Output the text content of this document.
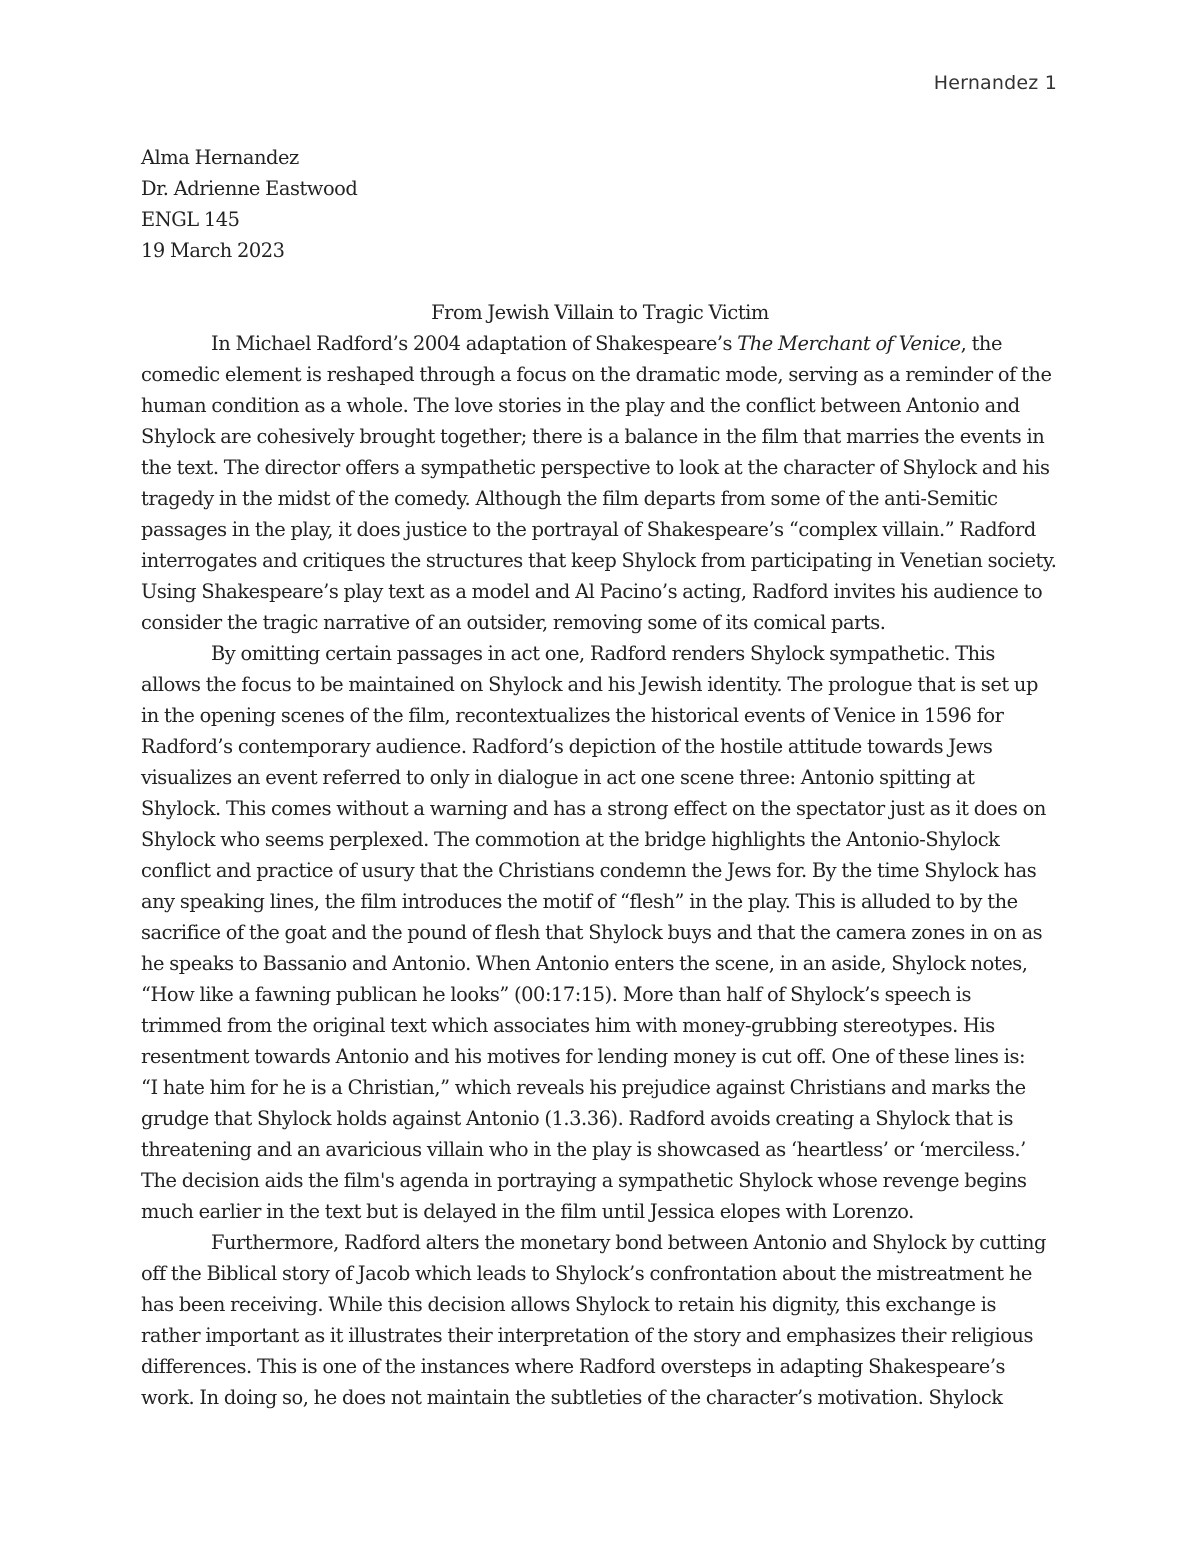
Hernandez 1
Alma Hernandez
Dr. Adrienne Eastwood
ENGL 145
19 March 2023
From Jewish Villain to Tragic Victim
In Michael Radford’s 2004 adaptation of Shakespeare’s The Merchant of Venice, the
comedic element is reshaped through a focus on the dramatic mode, serving as a reminder of the
human condition as a whole. The love stories in the play and the conflict between Antonio and
Shylock are cohesively brought together; there is a balance in the film that marries the events in
the text. The director offers a sympathetic perspective to look at the character of Shylock and his
tragedy in the midst of the comedy. Although the film departs from some of the anti-Semitic
passages in the play, it does justice to the portrayal of Shakespeare’s “complex villain.” Radford
interrogates and critiques the structures that keep Shylock from participating in Venetian society.
Using Shakespeare’s play text as a model and Al Pacino’s acting, Radford invites his audience to
consider the tragic narrative of an outsider, removing some of its comical parts.
By omitting certain passages in act one, Radford renders Shylock sympathetic. This
allows the focus to be maintained on Shylock and his Jewish identity. The prologue that is set up
in the opening scenes of the film, recontextualizes the historical events of Venice in 1596 for
Radford’s contemporary audience. Radford’s depiction of the hostile attitude towards Jews
visualizes an event referred to only in dialogue in act one scene three: Antonio spitting at
Shylock. This comes without a warning and has a strong effect on the spectator just as it does on
Shylock who seems perplexed. The commotion at the bridge highlights the Antonio-Shylock
conflict and practice of usury that the Christians condemn the Jews for. By the time Shylock has
any speaking lines, the film introduces the motif of “flesh” in the play. This is alluded to by the
sacrifice of the goat and the pound of flesh that Shylock buys and that the camera zones in on as
he speaks to Bassanio and Antonio. When Antonio enters the scene, in an aside, Shylock notes,
“How like a fawning publican he looks” (00:17:15). More than half of Shylock’s speech is
trimmed from the original text which associates him with money-grubbing stereotypes. His
resentment towards Antonio and his motives for lending money is cut off. One of these lines is:
“I hate him for he is a Christian,” which reveals his prejudice against Christians and marks the
grudge that Shylock holds against Antonio (1.3.36). Radford avoids creating a Shylock that is
threatening and an avaricious villain who in the play is showcased as ‘heartless’ or ‘merciless.’
The decision aids the film's agenda in portraying a sympathetic Shylock whose revenge begins
much earlier in the text but is delayed in the film until Jessica elopes with Lorenzo.
Furthermore, Radford alters the monetary bond between Antonio and Shylock by cutting
off the Biblical story of Jacob which leads to Shylock’s confrontation about the mistreatment he
has been receiving. While this decision allows Shylock to retain his dignity, this exchange is
rather important as it illustrates their interpretation of the story and emphasizes their religious
differences. This is one of the instances where Radford oversteps in adapting Shakespeare’s
work. In doing so, he does not maintain the subtleties of the character’s motivation. Shylock
